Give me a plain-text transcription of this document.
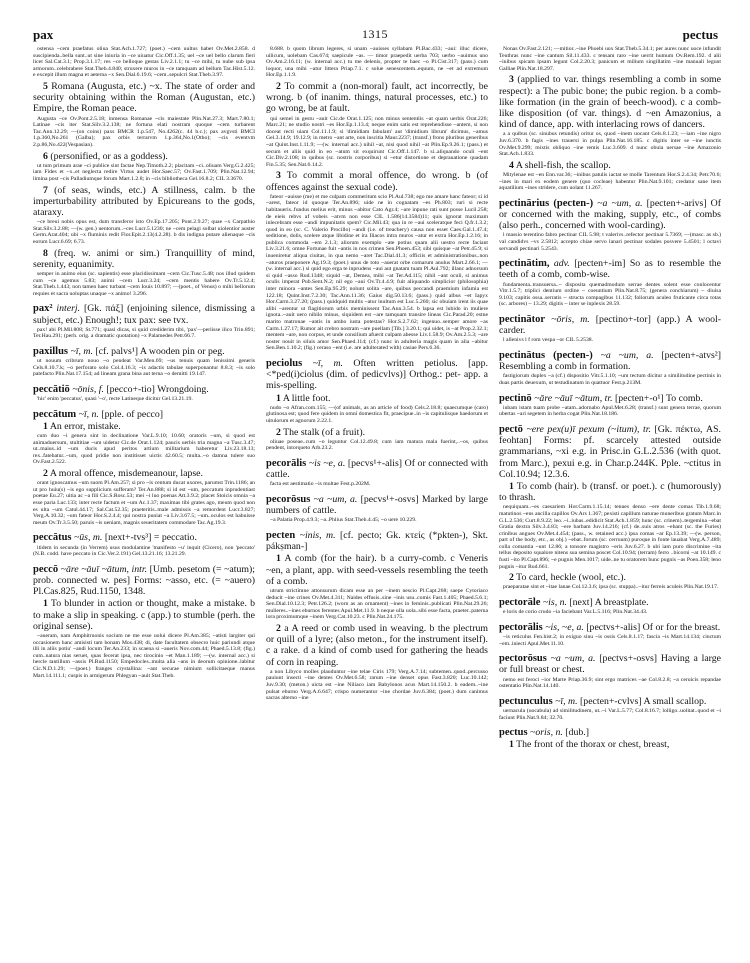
pax	1315	pectus

ostensa ~cem praefatus oliua Stat.Ach.1.727; (poet.) ~cem uultus habet Ov.Met.2.858. d suscipienda..bella sunt..ut sine iniuria in ~ce uiuatur Cic.Off.1.35; uel ~ce uel bello clarum fieri licet Sal.Cat.3.1; Prop.3.1.17; res ~ce belloque gestas Liv.2.1.1; tu ~ce mihi, tu nube sub ipsa armorum..celebrabere Stat.Theb.4.840; struxere muros in ~ce tamquam ad bellum Tac.Hist.5.12. e excepit illum magna et aeterna ~x Sen.Dial.6.19.6; ~cem..sepulcri Stat.Theb.3.97.

5 Romana (Augusta, etc.) ~x. The state of order and security obtaining within the Roman (Augustan, etc.) Empire, the Roman peace.

Augusta ~ce Ov.Pont.2.5.18; inmensa Romanae ~cis maiestate Plin.Nat.27.3; Mart.7.80.1; Latinae ~cis iter Stat.Silv.3.2.138; ne fortuna elati nostram quoque ~cem turbarent Tac.Ann.12.29; —(on coins) paxs BMCR 1.p.547, No.4262(c. 44 b.c.); pax avgvsti BMCI 1.p.360,No.261 (Galba); pax orbis terrarvm 1.p.364,No.1(Otho); ~cis eventvm 2.p.86,No.422(Vespasian).

6 (personified, or as a goddess).

ut tum primum arae ~ci publice sint factae Nep.Timoth.2.2; placitam ~ci..oliuam Verg.G.2.425; iam Fides et ~x..et neglecta redire Virtus audet Hor.Saec.57; Ov.Fast.1.709; Plin.Nat.12.94; limina post ~cis Palladiumque forum Mart.1.2.8; in ~cis bibliotheca Gel.16.8.2; CIL 3.3670.

7 (of seas, winds, etc.) A stillness, calm. b the imperturbability attributed by Epicureans to the gods, ataraxy.

~ce breui nobis opus est, dum transferor isto Ov.Ep.17.205; Pont.2.9.27; quae ~x Carpathio Stat.Silv.3.2.88; —(w. gen.) uentorum..~ces Lucr.5.1230; ne ~cem pelagi solbat uiolentior auster Germ.Arat.404; ubi ~x fluminis redit Flor.Epit.2.13(4.2.28). b dis indigna putare alienaque ~cis eorum Lucr.6.69; 6.73.

8 (freq. w. animi or sim.) Tranquillity of mind, serenity, equanimity.

semper in animo eius (sc. sapientis) esse placidissimam ~cem Cic.Tusc.5.48; nos illud quidem cum ~ce agemus 5.83; animi ~cem Lucr.3.24; ~cem mentis habere Ov.Tr.5.12.4; Stat.Theb.1.443; non tamen haec turbant ~cem Iouis 10.897; —(poet., of Venus) o mihi bellorum requies et sacra uoluptas unaque ~x animo! 3.296.

pax² interj. [Gk. πάξ] (enjoining silence, dismissing a subject, etc.) Enough!; tux pax: see tvx.

pax! abi Pl.Mil.808; St.771; quasi dicas, si quid crediderim tibi, 'pax'—periisse ilico Trin.891; Ter.Hau.291; (perh. orig. a dramatic quotation) ~x Palamedes Petr.66.7.

paxillus ~ī, m. [cf. palvs¹] A wooden pin or peg.

ut nouum cribrum nouo ~o pendeat Var.Men.69; ~us tenuis quam lenissimi generis Cels.8.10.7.k; ~o perforato solo Col.4.16.3; ~is adactis tabulae superponantur 8.8.3; ~is solo patefacto Plin.Nat.17.154; ad lineam grana bina aut terna ~o demitti 19.147.

peccātiō ~ōnis, f. [pecco+-tio] Wrongdoing.

'hic' enim 'peccatus', quasi '~o', recte Latineque dicitur Gel.13.21.19.

peccātum ~ī, n. [pple. of pecco]

1 An error, mistake.

cum duo ~i genera sint in declinatione Var.L.9.10; 10.60; oratoris ~um, si quod est animaduersum, stultitiae ~um uidetur Cic.de Orat.1.124; paucis uerbis tria magna ~a Tusc.3.47; ut..maius..id ~um ducis apud peritos artium militarium haberetur Liv.23.18.13; rex..fatebatur..~um, quod pridie non institisset uictis 42.60.5; multa..~o damna tulere suo Ov.Fast.2.522.

2 A moral offence, misdemeanour, lapse.

orant ignoscamus ~um suom Pl.Am.257; si pro ~is centum ducat uxores, parumst Trin.1186; an ut pro huiu(s) ~is ego supplicium sufferam? Ter.An.888; si id est ~um, peccatum inprudentiast poetae Eu.27; uitia ac ~a fili Cic.S.Rosc.53; mei ~i luo poenas Att.3.9.2; placet Stoicis omnia ~a esse paria Luc.133; inter recte factum et ~um Ac.1.37; maximas tibi grates ago, meum quod non es ulta ~um Catul.44.17; Sal.Cat.52.35; praeteritis..male admissis ~a remordent Lucr.3.827; Verg.A.10.32; ~um fateor Hor.S.2.4.4; qui nostra puniat ~a Liv.3.67.5; ~um..oculos est habuisse meum Ov.Tr.3.5.50; paruis ~is ueniam, magnis seueritatem commodare Tac.Ag.19.3.

peccātus ~ūs, m. [next+-tvs³] = peccatio.

itidem in secunda (in Verrem) usus modulamine 'manifesto ~u' inquit (Cicero), non 'peccato' (N.B. codd. have peccato in Cic.Ver.2.191) Gel.13.21.16; 13.21.29.

peccō ~āre ~āuī ~ātum, intr. [Umb. pesetom (= ~atum); prob. connected w. pes] Forms: ~asso, etc. (= ~auero) Pl.Cas.825, Rud.1150, 1348.

1 To blunder in action or thought, make a mistake. b to make a slip in speaking. c (app.) to stumble (perh. the original sense).

~aueram, nam Amphitruonis socium ne me esse uolui dicere Pl.Am.385; ~atisti largiter qui occasionem hanc amisisti tam bonam Mos.438; di, date facultatem obsecro huic pariundi atque illi in aliis potiu' ~andi locum Ter.An.233; in scaena si ~aueris Nov.com.44; Phaed.5.13.8; (fig.) cum..natura nias seruet, quas fecerat ipsa, nec tirocinio ~et Man.1.189; —(w. internal acc.) si hercle tantillum ~assis Pl.Rud.1150; Empedocles..multa alia ~ans in deorum opinione..labitur Cic.N.D.1.29; —(poet.) franges crystallina: ~ant securae nimium sollicitaeque manus Mart.14.111.1; cuspis in armigerum Phlegyan ~auit Stat.Theb.

8.688. b quom librum legeres, si unam ~auisses syllabam Pl.Bac.433; ~aui: illuc dicere, uilicum, uolebam Cas.674; saepicule ~as. — timor praepedit uerba 703; uerbo ~auimus uno Ov.Am.2.16.11; (w. internal acc.) tu me delenis, propter te haec ~o Pl.Cist.317; (pass.) cum loquor, una mihi ~atur littera Priap.7.1. c solue senescentem..equum, ne ~et ad extremum Hor.Ep.1.1.9.

2 To commit a (non-moral) fault, act incorrectly, be wrong. b (of inanim. things, natural processes, etc.) to go wrong, be at fault.

qui semel in gestu ~auit Cic.de Orat.1.125; non minus sententiis ~at quam uerbis Orat.226; Marc.21; ne studio nostri ~es Hor.Ep.1.13.4; neque enim satis est reprehendisse ~antem, si non doceat recti uiam Col.11.1.9; si 'dimidiam fabulam' aut 'dimidium librum' dicimus, ~amus Gel.3.14.9; 19.12.9; in metro ~ant arte, non inscitia Maur.2237; (transf.) frons pluribus generibus ~at Quint.Inst.1.11.9; —(w. internal acc.) nihil ~at, nisi quod nihil ~at Plin.Ep.9.26.1; (pass.) et secum et aliis quid in eo ~atum sit exquirunt Cic.Off.1.147. b si..aliquando oculi ~ent Cic.Div.2.108; in quibus (sc. nostris corporibus) si ~etur distortione et deprauatione quadam Fin.5.35; Sen.Nat.6.14.2.

3 To commit a moral offence, do wrong. b (of offences against the sexual code).

fateor ~auisse (me) et me culpam commeritum scio Pl.Aul.738; ego me amare hanc fateor; si id ~arest, fateor id quoque Ter.An.896; uide ne in cognatam ~es Ph.803; ruri si recte habitaueris..fundus melius erit, minus ~abitur Cato Agr.4; ~are inpune rati sunt posse Lucil.258; de eieis rebvs af vobeis ~atvm non esse CIL 1.586(14.3584)11; quis ignorat maximam inlecebram esse ~andi impunitatis spem? Cic.Mil.43; qua in re ~aui sceleratque feci Q.fr.1.3.2; quod in eo (sc. C. Valerio Procillo) ~andi (i.e. of treachery) causa non esset Caes.Gal.1.47.4; seditione, dolis, scelere atque libidine et ira Iliacos intra muros ~atur et extra Hor.Ep.1.2.16; in publica commoda ~em 2.1.3; aliorum exemplo ~ate potius quam alii uestro recte faciant Liv.3.21.6; omne Fortunae fuit ~antis in nos crimen Sen.Phoen.453; sibi quisque ~at Petr.45.9; si inueniretur aliqua ciuitas, in qua nemo ~aret Tac.Dial.41.3; officiis et administrationibus..non ~aturos praeponere Ag.19.3; (poet.) unus de toto ~auerat orbe comarum anulus Mart.2.66.1; —(w. internal acc.) si quid ego erga te inprudens ~aui aut gnatam tuam Pl.Aul.792; illanc adnorsum si quid ~asso Rud.1348; siquid ~at, Demea, mihi ~at Ter.Ad.115; nihil ~ant oculi, si animus oculis imperat Pub.Sent.N.2; nil ego ~aui Ov.Tr.4.4.9; fuit aliquando simplicior (philosophia) inter minora ~antes Sen.Ep.95.29; nolunt solita ~are, quibus peccandi praemium infamia est 122.18; Quint.Inst.7.2.30; Tac.Ann.11.36; Gaius dig.50.13.6; (pass.) quid albus ~et Iapyx Hor.Carm.3.27.20; (pass.) quidquid multis ~atur inultum est Luc.5.260; sic obuiam irent iis quae alibi ~arentur ut flagitiorum urbis meminissent Tac.Ann.3.54. b lapsa est lubido in muliere ignota..~auit uero nihilo minus, siquidem est ~are tamquam transire lineas Cic.Parad.20; estne marito matronae ~antis in ambo iusta potestas? Hor.S.2.7.62; ingenuo..semper amore ~as Carm.1.27.17; Rumor ait crebro nostram ~are puellam [Tib.] 3.20.1; qui uidet, is ~at Prop.2.32.1; mentem ~are, non corpus, et unde consilium afuerit culpam abesse Liv.1.58.9; Ov.Am.2.5.3; ~are noster nouit in siluis amor Sen.Phaed.114; (cf.) nunc in adulteria magis quam in alia ~abitur Sen.Ben.1.10.2; (fig.) ceraso ~ent (i.e. are adulterated with) casiae Pers.6.36.

peciolus ~ī, m. Often written petiolus. [app. <*ped(i)ciolus (dim. of pedicvlvs)] Orthog.: pet- app. a mis-spelling.

1 A little foot.

nudo ~o Afran.com.155; —(of animals, as an article of food) Cels.2.18.8; quaecumque (caro) glutinosa est; quod fere quidem in omni domestica fit, praecipue..in ~is capitulisque haedorum et uitulorum et agnorum 2.22.1.

2 The stalk (of a fruit).

oliuae poseae..cum ~o leguntur Col.12.49.8; cum iam matura mala fuerint,..~os, quibus pendent, intorqueto Arb.23.2.

pecorālis ~is ~e, a. [pecvs¹+-alis] Of or connected with cattle.

facta est aestimatio ~is multae Fest.p.202M.

pecorōsus ~a ~um, a. [pecvs¹+-osvs] Marked by large numbers of cattle.

~a Palatia Prop.4.9.3; ~a..Phlius Stat.Theb.4.45; ~o uere 10.229.

pecten ~inis, m. [cf. pecto; Gk. κτείς (*pkten-), Skt. pákṣman-]

1 A comb (for the hair). b a curry-comb. c Veneris ~en, a plant, app. with seed-vessels resembling the teeth of a comb.

utrum strictimne attonsurum dicam esse an per ~inem nescio Pl.Capt.268; saepe Cytoriaco deducit ~ine crines Ov.Met.4.311; Naides effusis..sine ~inis usu..comis Fast.1.405; Phaed.5.6.1; Sen.Dial.10.12.3; Petr.126.2; (worn as an ornament) ~ines in feminis..publicati Plin.Nat.29.26; mulieres..~ines eburnos ferentes Apul.Met.11.9. b neque ulla uola..sibi esse facta, praeter..paterna lora proximumque ~inem Verg.Cat.10.23. c Plin.Nat.24.175.

2 a A reed or comb used in weaving. b the plectrum or quill of a lyre; (also meton., for the instrument itself). c a rake. d a kind of comb used for gathering the heads of corn in reaping.

a non Libyco molles plauduntur ~ine telae Ciris 179; Verg.A.7.14; subtemen..quod..percusso pauiunt insecti ~ine dentes Ov.Met.6.58; rarum ~ine denset opus Fast.3.820; Luc.10.142; Juv.9.30; (meton.) uicta est ~ine Niliaco iam Babylonos acus Mart.14.150.2. b eadem..~ine pulsat eburno Verg.A.6.647; crispo numerantur ~ine chordae Juv.6.384; (poet.) dum canimus sacras alterno ~ine

Nonas Ov.Fast.2.121; —mitior..~ine Phoebi uox Stat.Theb.5.34.1; per aures nunc uoce infundit Teuthras nunc ~ine cantum Sil.11.433. c tensam raro ~ine uerrit humum Ov.Rem.192. d alii ~inibus spicam ipsam legunt Col.2.20.3; panicum et milium singillatim ~ine manuali legunt Galliae Plin.Nat.18.297.

3 (applied to var. things resembling a comb in some respect): a The pubic bone; the pubic region. b a comb-like formation (in the grain of beech-wood). c a comb-like disposition (of var. things). d ~en Amazonius, a kind of dance, app. with interlacing rows of dancers.

a a quibus (sc. sinubus retundis) oritur os, quod ~inem uocant Cels.8.1.23; —iam ~ine nigro Juv.6.370. b fagis ~ines trauersi in pulpa Plin.Nat.16.185. c digitis inter se ~ine iunctis Ov.Met.9.299; mixtis obliquo ~ine remis Luc.3.609. d nunc obuia uersae ~ine Amazonio Stat.Ach.1.833.

4 A shell-fish, the scallop.

Mitylenae est ~en Enn.var.36; ~inibus patulis iactat se molle Tarentum Hor.S.2.4.34; Petr.70.6; ~ines in mari ex eodem genere (quo cocleae) habentur Plin.Nat.9.101; credatur sane item aquatilium ~ines stridere, cum uolant 11.267.

pectinārius (pecten-) ~a ~um, a. [pecten+-arivs] Of or concerned with the making, supply, etc., of combs (also perh., concerned with wool-carding).

l massio terentino fabro pectinar CIL 5.98; t valerivs..refector pectinar 5.7369; —(masc. as sb.) val candidvs ~vs 2.5812; accepto chiae servo lanari pectinar sodales posvere 5.4501; l octavi servandi pectinari 5.2543.

pectinātim, adv. [pecten+-im] So as to resemble the teeth of a comb, comb-wise.

fundamenta..transuersa..~ disposita quemadmodum serrae dentes solent esse conlocentur Vitr.1.5.7; triplici dentium ordine ~ coeuntium Plin.Nat.8.75; (genera conchiarum) ~ diuisa 9.103; capitis ossa..serratis ~ structa compagibus 11.132; foliorum aculeo fruticante circa totas (sc. arbores) ~ 13.29; digitis ~ inter se inplexis 28.59.

pectinātor ~ōris, m. [pectino+-tor] (app.) A wool-carder.

l allenivs l f rom vespa ~or CIL 5.2538.

pectinātus (pecten-) ~a ~um, a. [pecten+-atvs²] Resembling a comb in formation.

fastigiorum duplex ~a (cf.) dispositio Vitr.5.1.10; ~um tectum dicitur a similitudine pectinis in duas partis deuexum, ut testudinatum in quattuor Fest.p.213M.

pectinō ~āre ~āuī ~ātum, tr. [pecten+-o¹] To comb.

iubam istam tuam probe ~atam..adornabo Apul.Met.6.28; (transf.) sunt genera terrae, quorum ubertas ~ari segetem in herba cogat Plin.Nat.18.186.

pectō ~ere pex(u)ī pexum (~itum), tr. [Gk. πέκτω, AS. feohtan] Forms: pf. scarcely attested outside grammarians, ~xi e.g. in Prisc.in G.L.2.536 (with quot. from Marc.), pexui e.g. in Char.p.244K. Pple. ~ctitus in Col.10.94; 12.3.6.

1 To comb (hair). b (transf. or poet.). c (humorously) to thrash.

nequiquam..~es caesariem Hor.Carm.1.15.14; tenues denso ~ere dente comas Tib.1.9.68; matutinos ~ens ancilla capillos Ov.Ars 1.367; pexisti capillum naturae muneribus gratum Marc.in G.L.2.536; Curt.8.9.22; leo..~i..iubas..edidicit Stat.Ach.1.859; hunc (sc. crinem)..tergemina ~ebat Gratia dextra Silv.3.4.83; ~ere barbam Juv.14.216; (cf.) de..suis atros ~ebant (sc. the Furies) crinibus angues Ov.Met.4.454; (pass., w. retained acc.) ipsa comas ~ar Ep.13.39; —(w. person, part of the body, etc., as obj.) ~ebat..forum (sc. cerruum) puroque in fonte lauabat Verg.A.7.489; colla comantia ~unt 12.86; a tonsore magistro ~eris Juv.6.27. b ubi iam puro discrimine ~ita tellus deposito squalore nitens sua semina poscet Col.10.94; (terram) ferro ..bicorni ~at 10.149. c fusti ~ito Pl.Capt.896; ~e pugnis Men.1017; uide..ne tu oratorem hunc pugnis ~as Poen.358; leno pugnis ~itur Rud.661.

2 To card, heckle (wool, etc.).

praeparatae sint et ~itae lanae Col.12.3.6; ipsa (sc. stuppa)..~itur ferreis aculeis Plin.Nat.19.17.

pectorāle ~is, n. [next] A breastplate.

e loris de corio crudo ~ia faciebant Var.L.5.116; Plin.Nat.34.43.

pectorālis ~is, ~e, a. [pectvs+-alis] Of or for the breast.

~is reticulus Fen.hist.2; in exiguo sinu ~is ossis Cels.8.1.17; fascia ~is Mart.14.134; cinctum ~em..iniecti Apul.Met.11.10.

pectorōsus ~a ~um, a. [pectvs+-osvs] Having a large or full breast or chest.

nemo est feroci ~ior Marte Priap.36.9; sint ergo matrices ~ae Col.8.2.8; ~a ceruicis repandae ostentatio Plin.Nat.14.140.

pectunculus ~ī, m. [pecten+-cvlvs] A small scallop.

uernacula (uocabula) ad similitudinem, ut..~i Var.L.5.77; Col.8.16.7; lolligo..uolitat..quod et ~i faciunt Plin.Nat.9.84; 32.70.

pectus ~oris, n. [dub.]

1 The front of the thorax or chest, breast,
